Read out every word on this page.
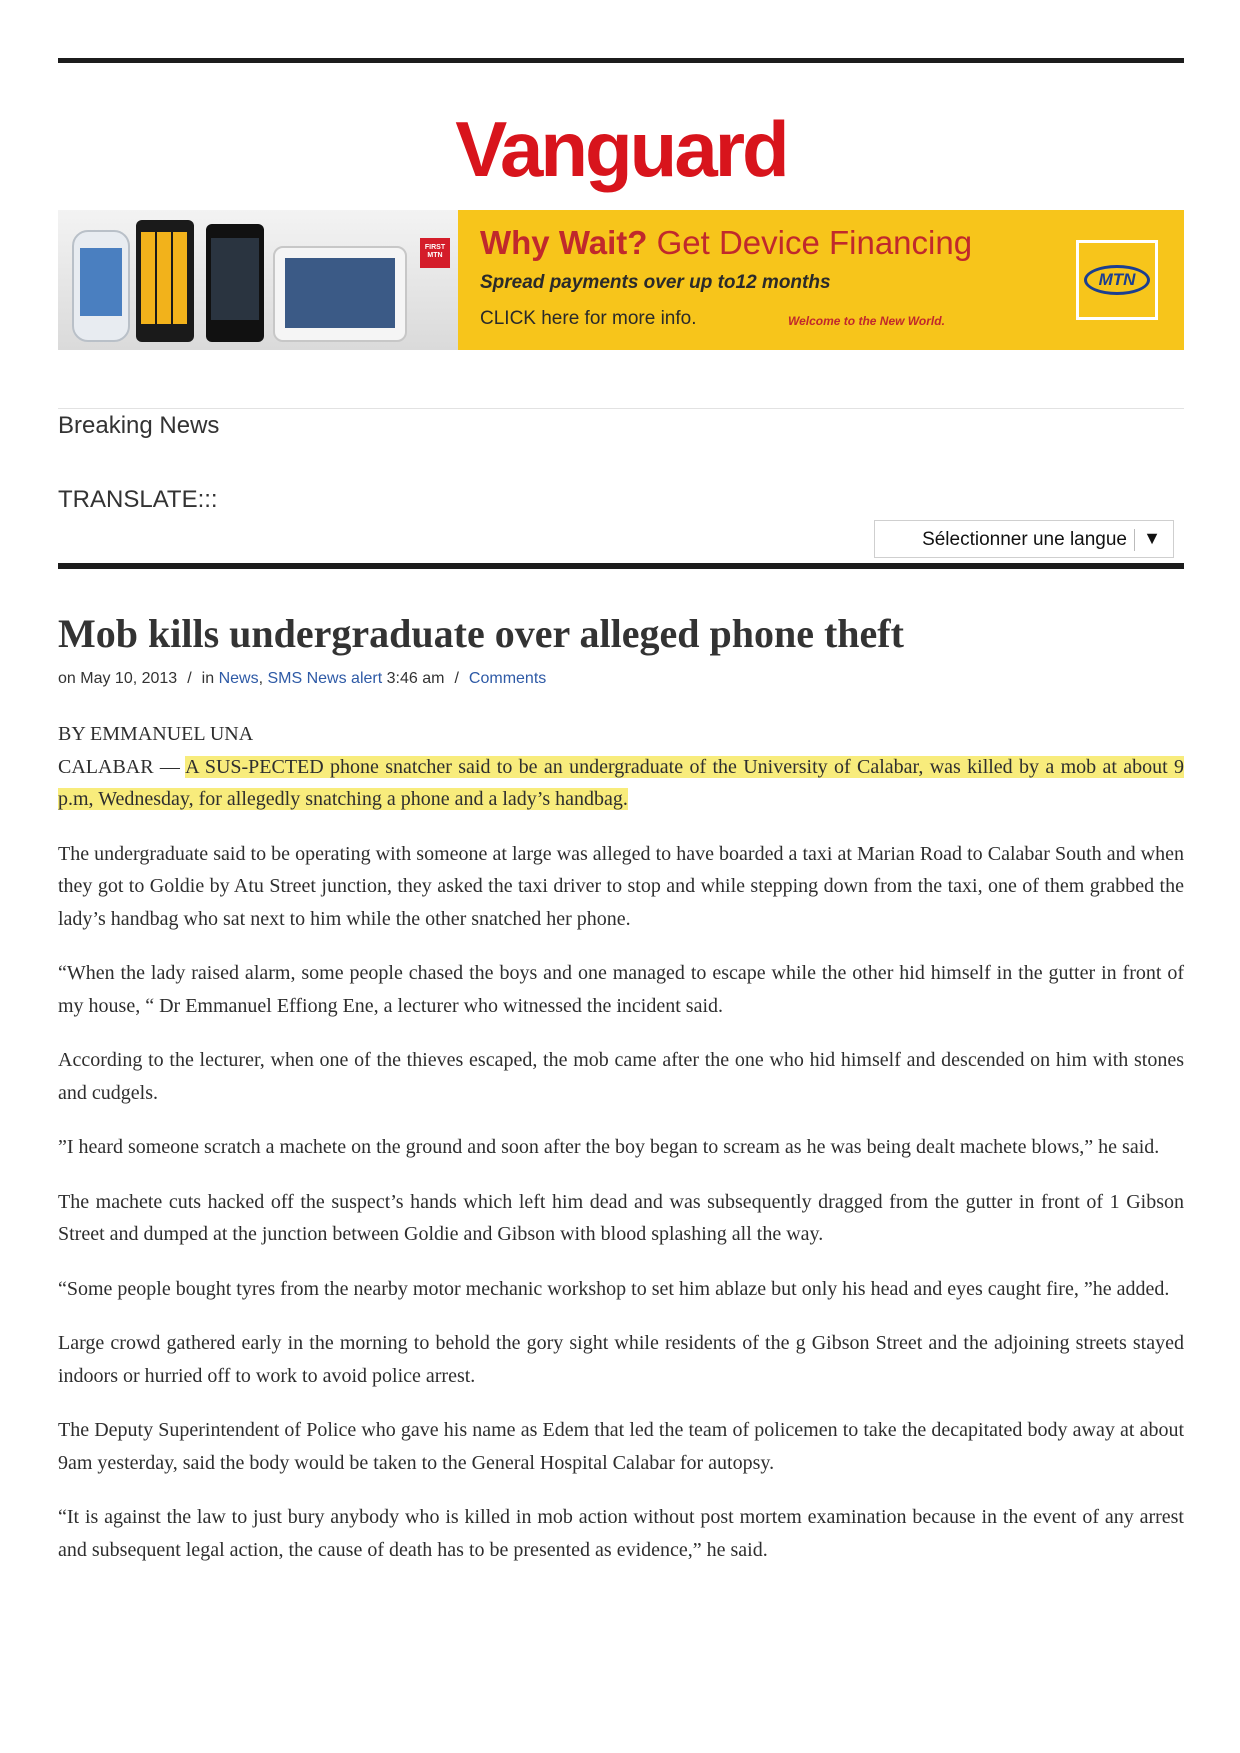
Vanguard
FIRST MTN Why Wait? Get Device Financing
Spread payments over up to12 months
CLICK here for more info.	Welcome to the New World.
MTN
Breaking News
TRANSLATE:::
Sélectionner une langue ▼
Mob kills undergraduate over alleged phone theft
on May 10, 2013 / in News, SMS News alert 3:46 am / Comments
BY EMMANUEL UNA

CALABAR — A SUS-PECTED phone snatcher said to be an undergraduate of the University of Calabar, was killed by a mob at about 9 p.m, Wednesday, for allegedly snatching a phone and a lady’s handbag.

The undergraduate said to be operating with someone at large was alleged to have boarded a taxi at Marian Road to Calabar South and when they got to Goldie by Atu Street junction, they asked the taxi driver to stop and while stepping down from the taxi, one of them grabbed the lady’s handbag who sat next to him while the other snatched her phone.

“When the lady raised alarm, some people chased the boys and one managed to escape while the other hid himself in the gutter in front of my house, “ Dr Emmanuel Effiong Ene, a lecturer who witnessed the incident said.

According to the lecturer, when one of the thieves escaped, the mob came after the one who hid himself and descended on him with stones and cudgels.

”I heard someone scratch a machete on the ground and soon after the boy began to scream as he was being dealt machete blows,” he said.

The machete cuts hacked off the suspect’s hands which left him dead and was subsequently dragged from the gutter in front of 1 Gibson Street and dumped at the junction between Goldie and Gibson with blood splashing all the way.

“Some people bought tyres from the nearby motor mechanic workshop to set him ablaze but only his head and eyes caught fire, ”he added.

Large crowd gathered early in the morning to behold the gory sight while residents of the g Gibson Street and the adjoining streets stayed indoors or hurried off to work to avoid police arrest.

The Deputy Superintendent of Police who gave his name as Edem that led the team of policemen to take the decapitated body away at about 9am yesterday, said the body would be taken to the General Hospital Calabar for autopsy.

“It is against the law to just bury anybody who is killed in mob action without post mortem examination because in the event of any arrest and subsequent legal action, the cause of death has to be presented as evidence,” he said.
